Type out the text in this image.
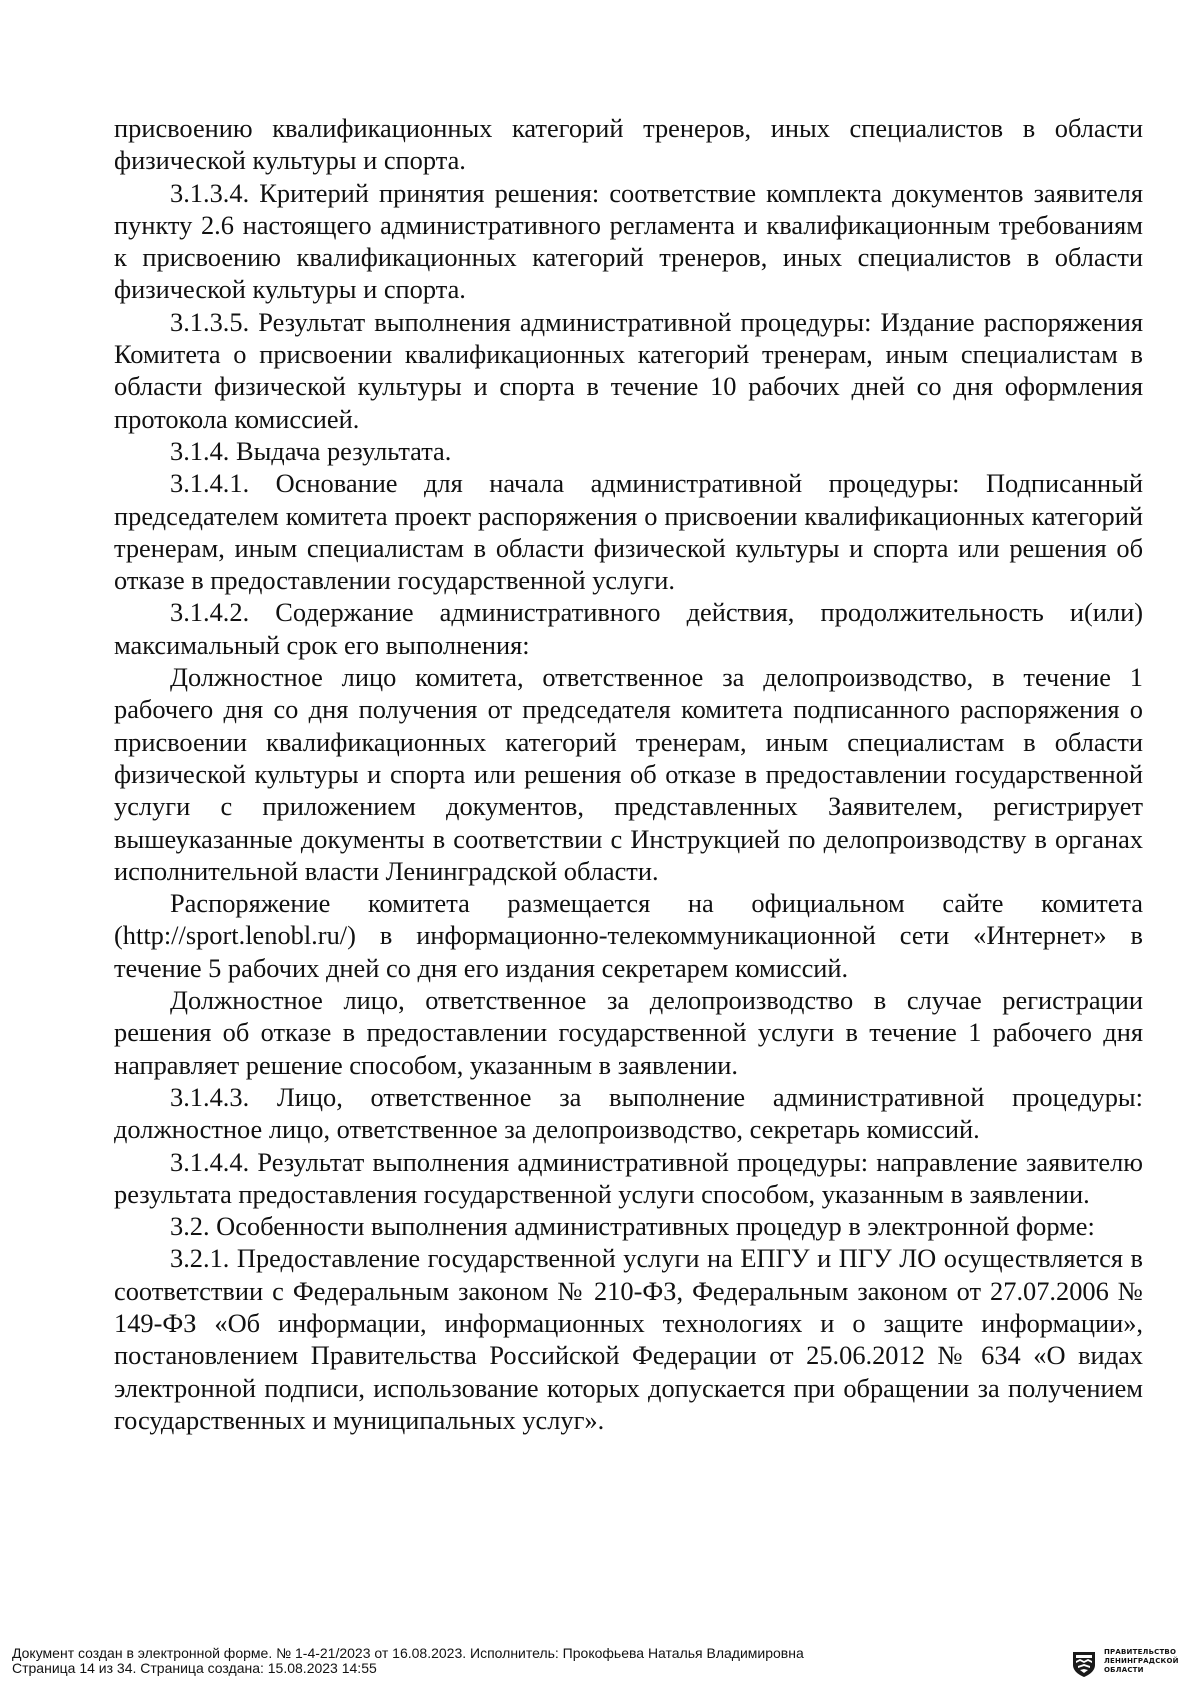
присвоению квалификационных категорий тренеров, иных специалистов в области физической культуры и спорта.

3.1.3.4. Критерий принятия решения: соответствие комплекта документов заявителя пункту 2.6 настоящего административного регламента и квалификационным требованиям к присвоению квалификационных категорий тренеров, иных специалистов в области физической культуры и спорта.

3.1.3.5. Результат выполнения административной процедуры: Издание распоряжения Комитета о присвоении квалификационных категорий тренерам, иным специалистам в области физической культуры и спорта в течение 10 рабочих дней со дня оформления протокола комиссией.

3.1.4. Выдача результата.

3.1.4.1. Основание для начала административной процедуры: Подписанный председателем комитета проект распоряжения о присвоении квалификационных категорий тренерам, иным специалистам в области физической культуры и спорта или решения об отказе в предоставлении государственной услуги.

3.1.4.2. Содержание административного действия, продолжительность и(или) максимальный срок его выполнения:

Должностное лицо комитета, ответственное за делопроизводство, в течение 1 рабочего дня со дня получения от председателя комитета подписанного распоряжения о присвоении квалификационных категорий тренерам, иным специалистам в области физической культуры и спорта или решения об отказе в предоставлении государственной услуги с приложением документов, представленных Заявителем, регистрирует вышеуказанные документы в соответствии с Инструкцией по делопроизводству в органах исполнительной власти Ленинградской области.

Распоряжение комитета размещается на официальном сайте комитета (http://sport.lenobl.ru/) в информационно-телекоммуникационной сети «Интернет» в течение 5 рабочих дней со дня его издания секретарем комиссий.

Должностное лицо, ответственное за делопроизводство в случае регистрации решения об отказе в предоставлении государственной услуги в течение 1 рабочего дня направляет решение способом, указанным в заявлении.

3.1.4.3. Лицо, ответственное за выполнение административной процедуры: должностное лицо, ответственное за делопроизводство, секретарь комиссий.

3.1.4.4. Результат выполнения административной процедуры: направление заявителю результата предоставления государственной услуги способом, указанным в заявлении.

3.2. Особенности выполнения административных процедур в электронной форме:

3.2.1. Предоставление государственной услуги на ЕПГУ и ПГУ ЛО осуществляется в соответствии с Федеральным законом № 210-ФЗ, Федеральным законом от 27.07.2006 № 149-ФЗ «Об информации, информационных технологиях и о защите информации», постановлением Правительства Российской Федерации от 25.06.2012 № 634 «О видах электронной подписи, использование которых допускается при обращении за получением государственных и муниципальных услуг».

Документ создан в электронной форме. № 1-4-21/2023 от 16.08.2023. Исполнитель: Прокофьева Наталья Владимировна
Страница 14 из 34. Страница создана: 15.08.2023 14:55
ПРАВИТЕЛЬСТВО
ЛЕНИНГРАДСКОЙ
ОБЛАСТИ
